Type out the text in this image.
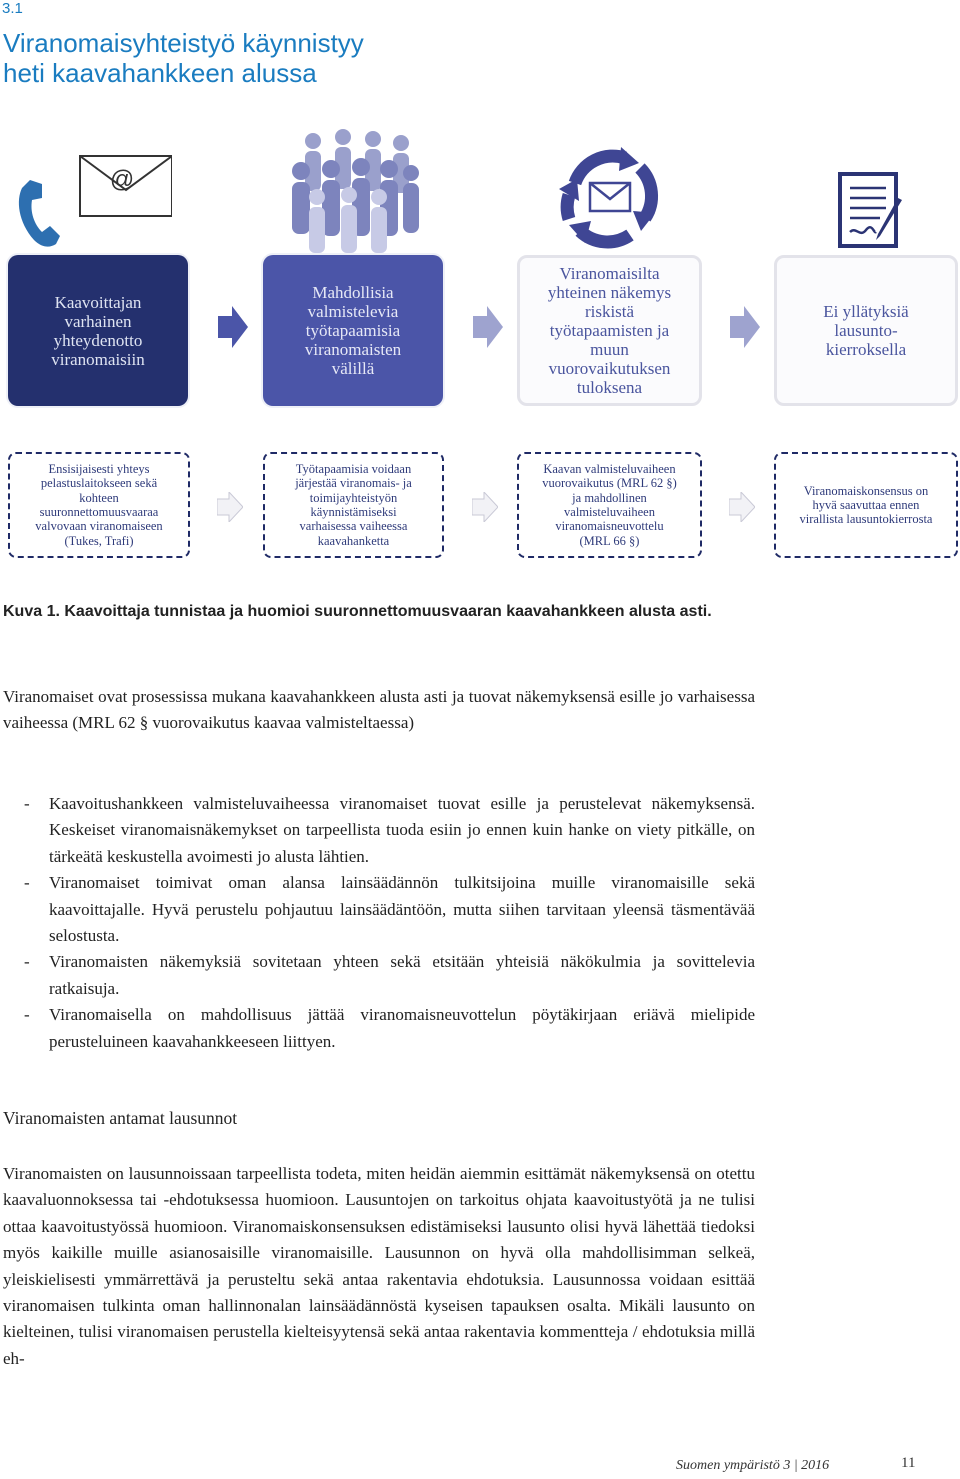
3.1
Viranomaisyhteistyö käynnistyy
heti kaavahankkeen alussa
@
Kaavoittajan
varhainen
yhteydenotto
viranomaisiin
Mahdollisia
valmistelevia
työtapaamisia
viranomaisten
välillä
Viranomaisilta
yhteinen näkemys
riskistä
työtapaamisten ja
muun
vuorovaikutuksen
tuloksena
Ei yllätyksiä
lausunto-
kierroksella
Ensisijaisesti yhteys
pelastuslaitokseen sekä
kohteen
suuronnettomuusvaaraa
valvovaan viranomaiseen
(Tukes, Trafi)
Työtapaamisia voidaan
järjestää viranomais- ja
toimijayhteistyön
käynnistämiseksi
varhaisessa vaiheessa
kaavahanketta
Kaavan valmisteluvaiheen
vuorovaikutus (MRL 62 §)
ja mahdollinen
valmisteluvaiheen
viranomaisneuvottelu
(MRL 66 §)
Viranomaiskonsensus on
hyvä saavuttaa ennen
virallista lausuntokierrosta

Kuva 1. Kaavoittaja tunnistaa ja huomioi suuronnettomuusvaaran kaavahankkeen alusta asti.

Viranomaiset ovat prosessissa mukana kaavahankkeen alusta asti ja tuovat näkemyksensä esille jo varhaisessa vaiheessa (MRL 62 § vuorovaikutus kaavaa valmisteltaessa)

- Kaavoitushankkeen valmisteluvaiheessa viranomaiset tuovat esille ja perustelevat näkemyksensä. Keskeiset viranomaisnäkemykset on tarpeellista tuoda esiin jo ennen kuin hanke on viety pitkälle, on tärkeätä keskustella avoimesti jo alusta lähtien.
- Viranomaiset toimivat oman alansa lainsäädännön tulkitsijoina muille viranomaisille sekä kaavoittajalle. Hyvä perustelu pohjautuu lainsäädäntöön, mutta siihen tarvitaan yleensä täsmentävää selostusta.
- Viranomaisten näkemyksiä sovitetaan yhteen sekä etsitään yhteisiä näkökulmia ja sovittelevia ratkaisuja.
- Viranomaisella on mahdollisuus jättää viranomaisneuvottelun pöytäkirjaan eriävä mielipide perusteluineen kaavahankkeeseen liittyen.
Viranomaisten antamat lausunnot

Viranomaisten on lausunnoissaan tarpeellista todeta, miten heidän aiemmin esittämät näkemyksensä on otettu kaavaluonnoksessa tai -ehdotuksessa huomioon. Lausuntojen on tarkoitus ohjata kaavoitustyötä ja ne tulisi ottaa kaavoitustyössä huomioon. Viranomaiskonsensuksen edistämiseksi lausunto olisi hyvä lähettää tiedoksi myös kaikille muille asianosaisille viranomaisille. Lausunnon on hyvä olla mahdollisimman selkeä, yleiskielisesti ymmärrettävä ja perusteltu sekä antaa rakentavia ehdotuksia. Lausunnossa voidaan esittää viranomaisen tulkinta oman hallinnonalan lainsäädännöstä kyseisen tapauksen osalta. Mikäli lausunto on kielteinen, tulisi viranomaisen perustella kielteisyytensä sekä antaa rakentavia kommentteja / ehdotuksia millä eh-

Suomen ympäristö 3 | 2016	11
